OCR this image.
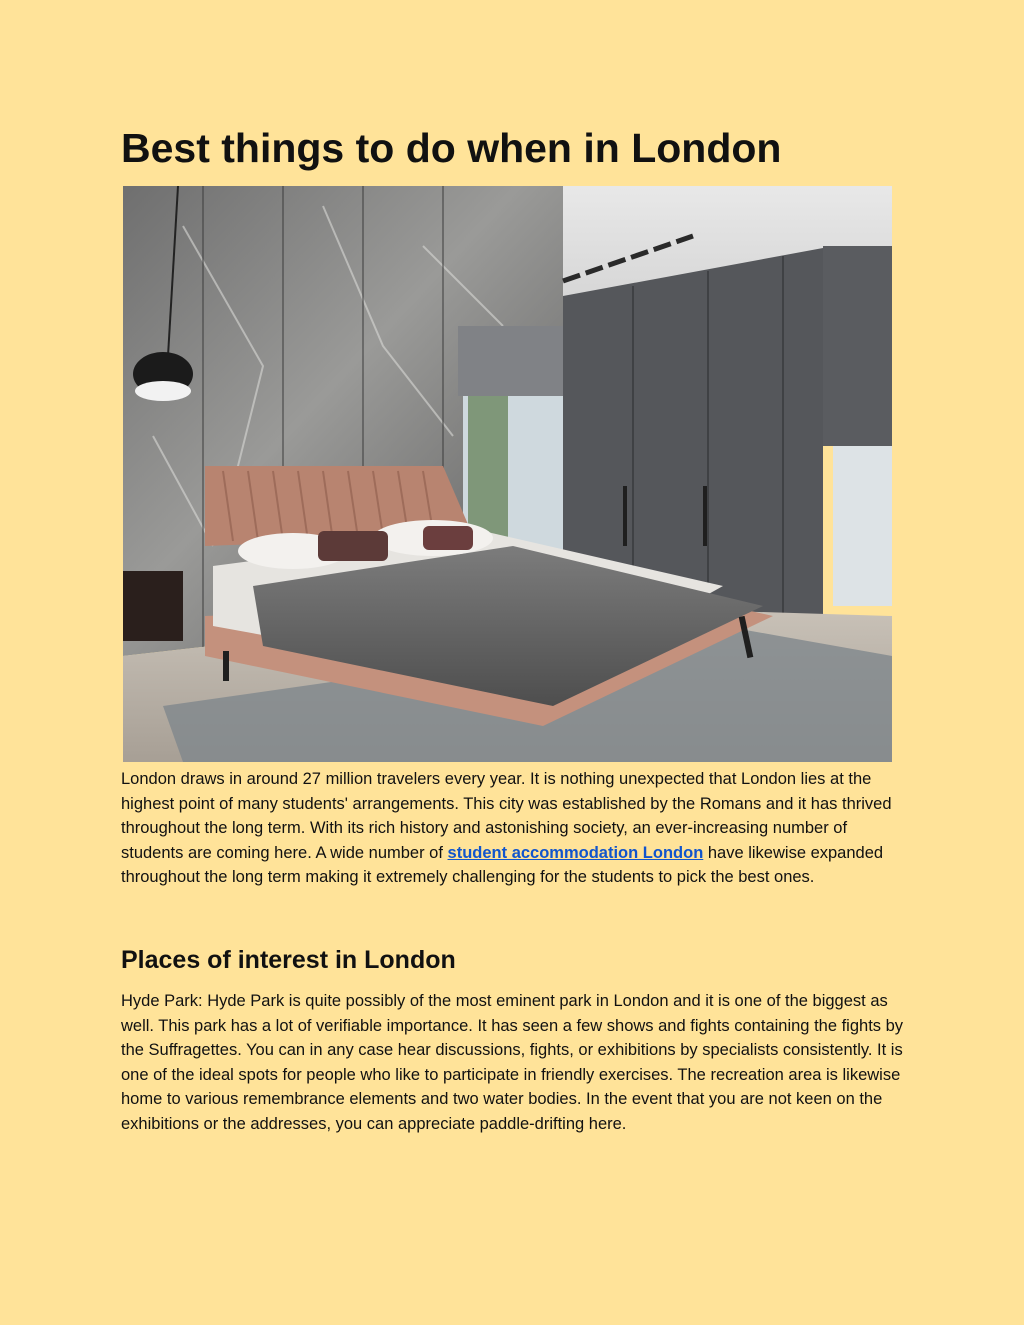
Best things to do when in London

London draws in around 27 million travelers every year. It is nothing unexpected that London lies at the highest point of many students' arrangements. This city was established by the Romans and it has thrived throughout the long term. With its rich history and astonishing society, an ever-increasing number of students are coming here. A wide number of student accommodation London have likewise expanded throughout the long term making it extremely challenging for the students to pick the best ones.

Places of interest in London

Hyde Park: Hyde Park is quite possibly of the most eminent park in London and it is one of the biggest as well. This park has a lot of verifiable importance. It has seen a few shows and fights containing the fights by the Suffragettes. You can in any case hear discussions, fights, or exhibitions by specialists consistently. It is one of the ideal spots for people who like to participate in friendly exercises. The recreation area is likewise home to various remembrance elements and two water bodies. In the event that you are not keen on the exhibitions or the addresses, you can appreciate paddle-drifting here.
